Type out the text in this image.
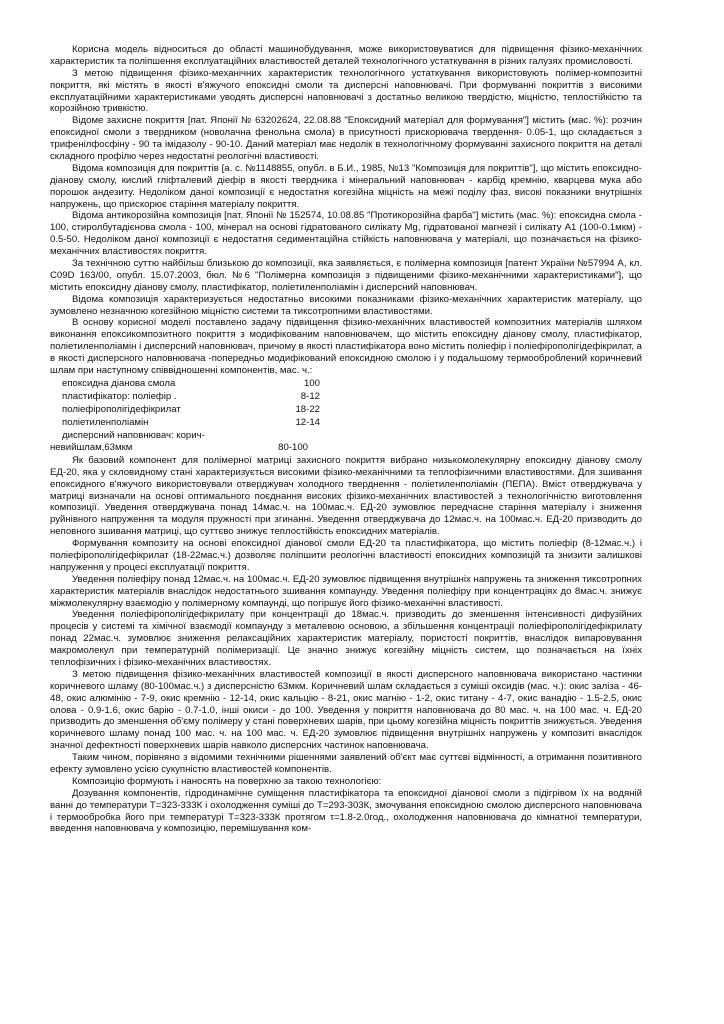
Корисна модель відноситься до області машинобудування, може використовуватися для підвищення фізико-механічних характеристик та поліпшення експлуатаційних властивостей деталей технологічного устаткування в різних галузях промисловості.

З метою підвищення фізико-механічних характеристик технологічного устаткування використовують полімер-композитні покриття, які містять в якості в'яжучого епоксидні смоли та дисперсні наповнювачі. При формуванні покриттів з високими експлуатаційними характеристиками уводять дисперсні наповнювачі з достатньо великою твердістю, міцністю, теплостійкістю та корозійною тривкістю.

Відоме захисне покриття [пат. Японії № 63202624, 22.08.88 "Епоксидний матеріал для формування"] містить (мас. %): розчин епоксидної смоли з твердником (новолачна фенольна смола) в присутності прискорювача твердення- 0.05-1, що складається з трифенілфосфіну - 90 та імідазолу - 90-10. Даний матеріал має недолік в технологічному формуванні захисного покриття на деталі складного профілю через недостатні реологічні властивості.

Відома композиція для покриттів [а. с. №1148855, опубл. в Б.И., 1985, №13 "Композиція для покриттів"], що містить епоксидно-діанову смолу, кислий гліфталевий діефір в якості твердника і мінеральний наповнювач - карбід кремнію, кварцева мука або порошок андезиту. Недоліком даної композиції є недостатня когезійна міцність на межі поділу фаз, високі показники внутрішніх напружень, що прискорює старіння матеріалу покриття.

Відома антикорозійна композиція [пат. Японії № 152574, 10.08.85 "Протикорозійна фарба"] містить (мас. %): епоксидна смола - 100, стиролбутадієнова смола - 100, мінерал на основі гідратованого силікату Mg, гідратованої магнезії і силікату А1 (100-0.1мкм) - 0.5-50. Недоліком даної композиції є недостатня седиментаційна стійкість наповнювача у матеріалі, що позначається на фізико-механічних властивостях покриття.

За технічною суттю найбільш близькою до композиції, яка заявляється, є полімерна композиція [патент України №57994 А, кл. C09D 163/00, опубл. 15.07.2003, бюл. №6 "Полімерна композиція з підвищеними фізико-механічними характеристиками"], що містить епоксидну діанову смолу, пластифікатор, поліетиленполіамін і дисперсний наповнювач.

Відома композиція характеризується недостатньо високими показниками фізико-механічних характеристик матеріалу, що зумовлено незначною когезійною міцністю системи та тиксотропними властивостями.

В основу корисної моделі поставлено задачу підвищення фізико-механічних властивостей композитних матеріалів шляхом виконання епоксикомпозитного покриття з модифікованим наповнювачем, що містить епоксидну діанову смолу, пластифікатор, поліетиленполіамін і дисперсний наповнювач, причому в якості пластифікатора воно містить поліефір і поліефірополігідефікрилат, а в якості дисперсного наповнювача -попередньо модифікований епоксидною смолою і у подальшому термооброблений коричневий шлам при наступному співвідношенні компонентів, мас. ч.:

епоксидна діанова смола	100
пластифікатор: поліефір .	8-12
поліефірополігідефікрилат	18-22
поліетиленполіамін	12-14
дисперсний наповнювач: корич-
невийшлам,63мкм	80-100

Як базовий компонент для полімерної матриці захисного покриття вибрано низькомолекулярну епоксидну діанову смолу ЕД-20, яка у скловидному стані характеризується високими фізико-механічними та теплофізичними властивостями. Для зшивання епоксидного в'яжучого використовували отверджувач холодного тверднення - поліетиленполіамін (ПЕПА). Вміст отверджувача у матриці визначали на основі оптимального поєднання високих фізико-механічних властивостей з технологічністю виготовлення композиції. Уведення отверджувача понад 14мас.ч. на 100мас.ч. ЕД-20 зумовлює передчасне старіння матеріалу і зниження руйнівного напруження та модуля пружності при згинанні. Уведення отверджувача до 12мас.ч. на 100мас.ч. ЕД-20 призводить до неповного зшивання матриці, що суттєво знижує теплостійкість епоксидних матеріалів.

Формування композиту на основі епоксидної діанової смоли ЕД-20 та пластифікатора, що містить поліефір (8-12мас.ч.) і поліефірополігідефікрилат (18-22мас.ч.) дозволяє поліпшити реологічні властивості епоксидних композицій та знизити залишкові напруження у процесі експлуатації покриття.

Уведення поліефіру понад 12мас.ч. на 100мас.ч. ЕД-20 зумовлює підвищення внутрішніх напружень та зниження тиксотропних характеристик матеріалів внаслідок недостатнього зшивання компаунду. Уведення поліефіру при концентраціях до 8мас.ч. знижує міжмолекулярну взаємодію у полімерному компаунді, що погіршує його фізико-механічні властивості.

Уведення поліефірополігідефікрилату при концентрації до 18мас.ч. призводить до зменшення інтенсивності дифузійних процесів у системі та хімічної взаємодії компаунду з металевою основою, а збільшення концентрації поліефірополігідефікрилату понад 22мас.ч. зумовлює зниження релаксаційних характеристик матеріалу, пористості покриттів, внаслідок випаровування макромолекул при температурній полімеризації. Це значно знижує когезійну міцність систем, що позначається на їхніх теплофізичних і фізико-механічних властивостях.

З метою підвищення фізико-механічних властивостей композиції в якості дисперсного наповнювача використано частинки коричневого шламу (80-100мас.ч.) з дисперсністю 63мкм. Коричневий шлам складається з суміші оксидів (мас. ч.): окис заліза - 46-48, окис алюмінію - 7-9, окис кремнію - 12-14, окис кальцію - 8-21, окис магнію - 1-2, окис титану - 4-7, окис ванадію - 1.5-2.5, окис олова - 0.9-1.6, окис барію - 0.7-1.0, інші окиси - до 100. Уведення у покриття наповнювача до 80 мас. ч. на 100 мас. ч. ЕД-20 призводить до зменшення об'єму полімеру у стані поверхневих шарів, при цьому когезійна міцність покриттів знижується. Уведення коричневого шламу понад 100 мас. ч. на 100 мас. ч. ЕД-20 зумовлює підвищення внутрішніх напружень у композиті внаслідок значної дефектності поверхневих шарів навколо дисперсних частинок наповнювача.

Таким чином, порівняно з відомими технічними рішеннями заявлений об'єкт має суттєві відмінності, а отримання позитивного ефекту зумовлено усією сукупністю властивостей компонентів.

Композицію формують і наносять на поверхню за такою технологією:

Дозування компонентів, гідродинамічне суміщення пластифікатора та епоксидної діанової смоли з підігрівом їх на водяній ванні до температури Т=323-333К і охолодження суміші до Т=293-303К, змочування епоксидною смолою дисперсного наповнювача і термообробка його при температурі Т=323-333К протягом τ=1.8-2.0год., охолодження наповнювача до кімнатної температури, введення наповнювача у композицію, перемішування ком-
